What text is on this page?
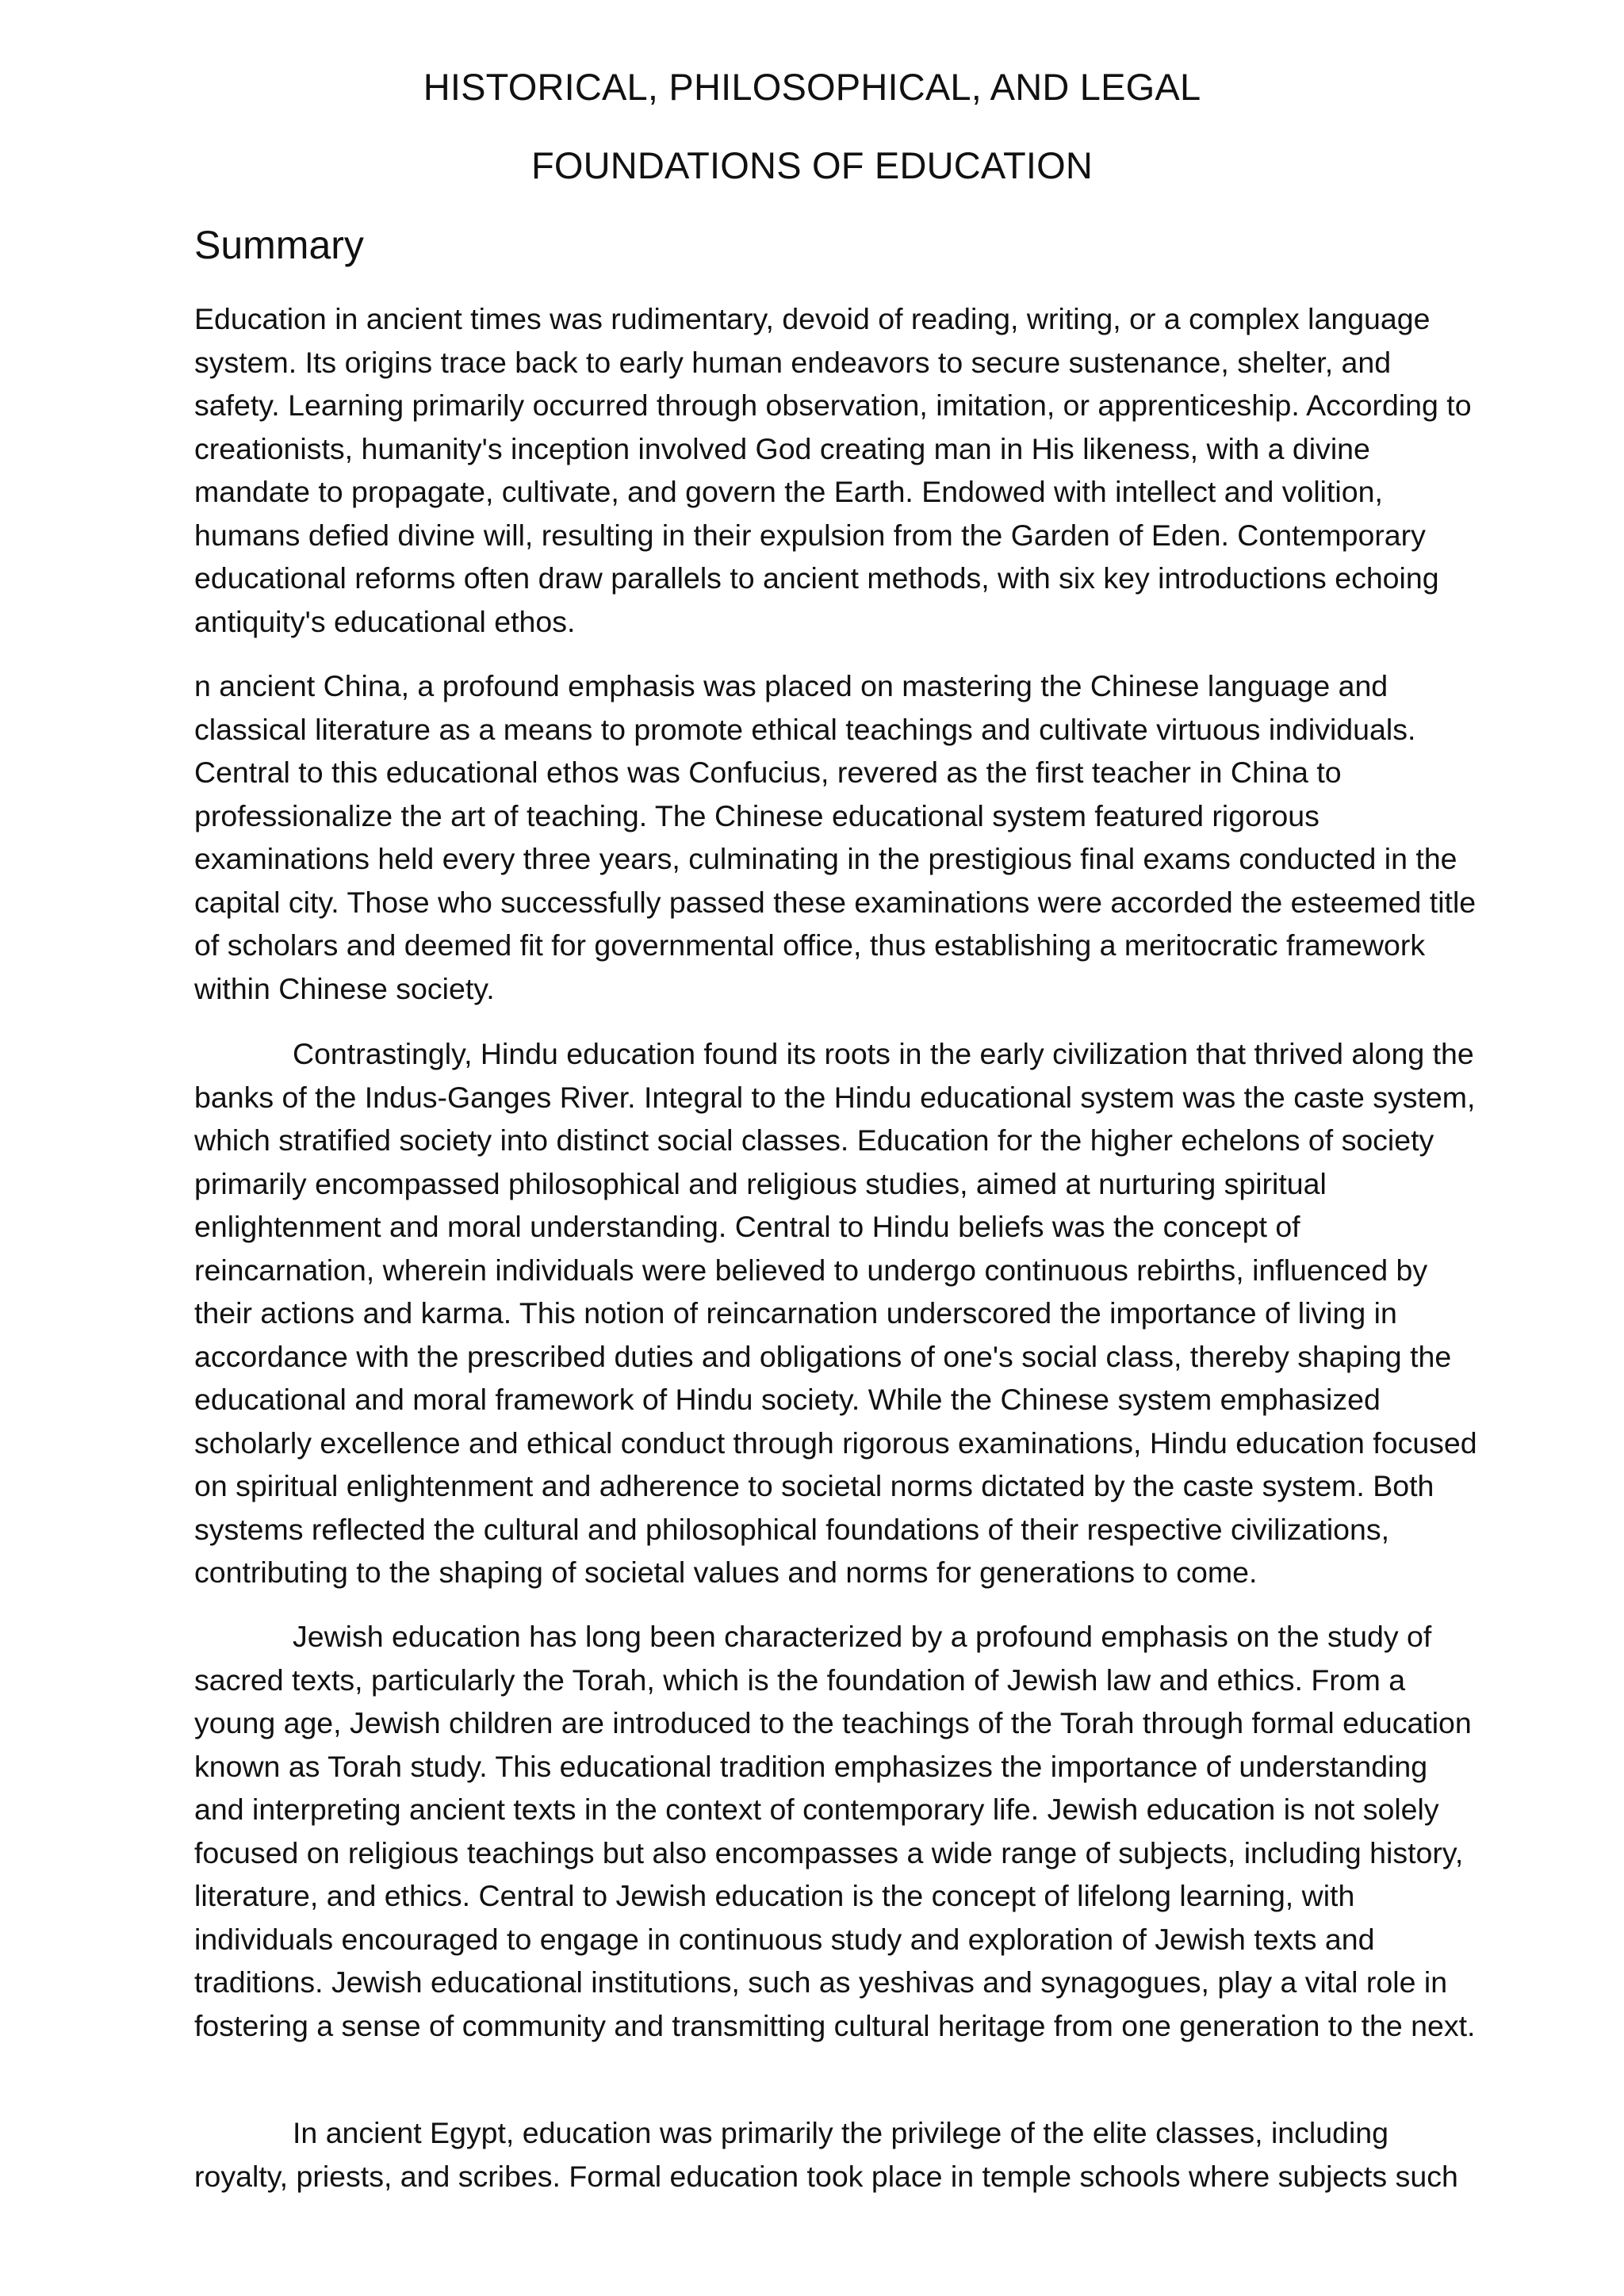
HISTORICAL, PHILOSOPHICAL, AND LEGAL
FOUNDATIONS OF EDUCATION
Summary

Education in ancient times was rudimentary, devoid of reading, writing, or a complex language system. Its origins trace back to early human endeavors to secure sustenance, shelter, and safety. Learning primarily occurred through observation, imitation, or apprenticeship. According to creationists, humanity's inception involved God creating man in His likeness, with a divine mandate to propagate, cultivate, and govern the Earth. Endowed with intellect and volition, humans defied divine will, resulting in their expulsion from the Garden of Eden. Contemporary educational reforms often draw parallels to ancient methods, with six key introductions echoing antiquity's educational ethos.

n ancient China, a profound emphasis was placed on mastering the Chinese language and classical literature as a means to promote ethical teachings and cultivate virtuous individuals. Central to this educational ethos was Confucius, revered as the first teacher in China to professionalize the art of teaching. The Chinese educational system featured rigorous examinations held every three years, culminating in the prestigious final exams conducted in the capital city. Those who successfully passed these examinations were accorded the esteemed title of scholars and deemed fit for governmental office, thus establishing a meritocratic framework within Chinese society.

Contrastingly, Hindu education found its roots in the early civilization that thrived along the banks of the Indus-Ganges River. Integral to the Hindu educational system was the caste system, which stratified society into distinct social classes. Education for the higher echelons of society primarily encompassed philosophical and religious studies, aimed at nurturing spiritual enlightenment and moral understanding. Central to Hindu beliefs was the concept of reincarnation, wherein individuals were believed to undergo continuous rebirths, influenced by their actions and karma. This notion of reincarnation underscored the importance of living in accordance with the prescribed duties and obligations of one's social class, thereby shaping the educational and moral framework of Hindu society. While the Chinese system emphasized scholarly excellence and ethical conduct through rigorous examinations, Hindu education focused on spiritual enlightenment and adherence to societal norms dictated by the caste system. Both systems reflected the cultural and philosophical foundations of their respective civilizations, contributing to the shaping of societal values and norms for generations to come.

Jewish education has long been characterized by a profound emphasis on the study of sacred texts, particularly the Torah, which is the foundation of Jewish law and ethics. From a young age, Jewish children are introduced to the teachings of the Torah through formal education known as Torah study. This educational tradition emphasizes the importance of understanding and interpreting ancient texts in the context of contemporary life. Jewish education is not solely focused on religious teachings but also encompasses a wide range of subjects, including history, literature, and ethics. Central to Jewish education is the concept of lifelong learning, with individuals encouraged to engage in continuous study and exploration of Jewish texts and traditions. Jewish educational institutions, such as yeshivas and synagogues, play a vital role in fostering a sense of community and transmitting cultural heritage from one generation to the next.

In ancient Egypt, education was primarily the privilege of the elite classes, including royalty, priests, and scribes. Formal education took place in temple schools where subjects such
